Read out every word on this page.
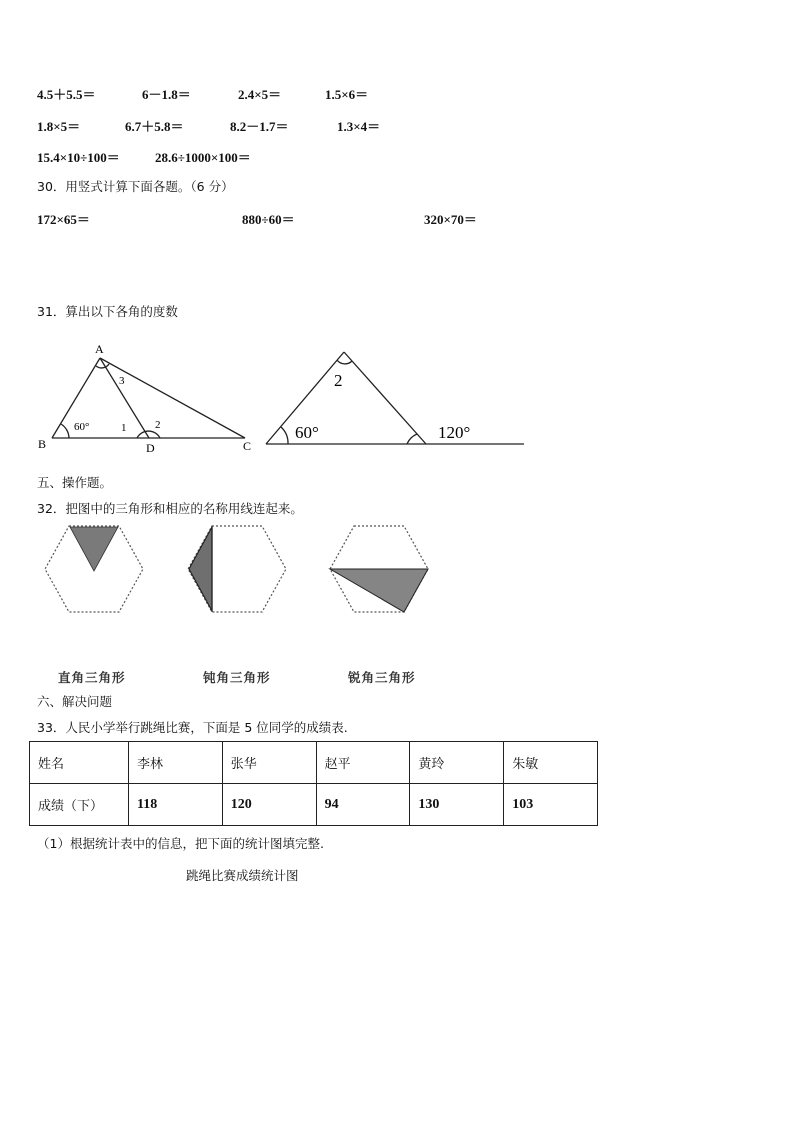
4.5＋5.5＝	6－1.8＝	2.4×5＝	1.5×6＝
1.8×5＝	6.7＋5.8＝	8.2－1.7＝	1.3×4＝
15.4×10÷100＝	28.6÷1000×100＝
30．用竖式计算下面各题。（6 分）
172×65＝	880÷60＝	320×70＝
31．算出以下各角的度数
A
B	C
D
60°	1	2
3	2
60°	120°
五、操作题。
32．把图中的三角形和相应的名称用线连起来。
直角三角形	钝角三角形	锐角三角形
六、解决问题
33．人民小学举行跳绳比赛，下面是 5 位同学的成绩表.
姓名	李林	张华	赵平	黄玲	朱敏
成绩（下）	118	120	94	130	103
（1）根据统计表中的信息，把下面的统计图填完整.
跳绳比赛成绩统计图
